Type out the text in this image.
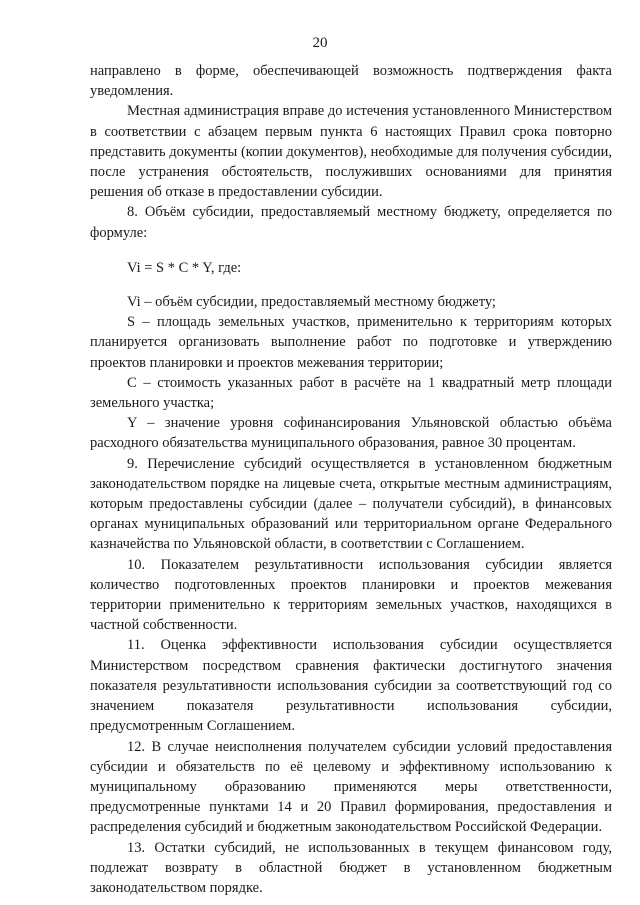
20

направлено в форме, обеспечивающей возможность подтверждения факта уведомления.

Местная администрация вправе до истечения установленного Министерством в соответствии с абзацем первым пункта 6 настоящих Правил срока повторно представить документы (копии документов), необходимые для получения субсидии, после устранения обстоятельств, послуживших основаниями для принятия решения об отказе в предоставлении субсидии.

8. Объём субсидии, предоставляемый местному бюджету, определяется по формуле:

Vi = S * C * Y, где:

Vi – объём субсидии, предоставляемый местному бюджету;

S – площадь земельных участков, применительно к территориям которых планируется организовать выполнение работ по подготовке и утверждению проектов планировки и проектов межевания территории;

C – стоимость указанных работ в расчёте на 1 квадратный метр площади земельного участка;

Y – значение уровня софинансирования Ульяновской областью объёма расходного обязательства муниципального образования, равное 30 процентам.

9. Перечисление субсидий осуществляется в установленном бюджетным законодательством порядке на лицевые счета, открытые местным администрациям, которым предоставлены субсидии (далее – получатели субсидий), в финансовых органах муниципальных образований или территориальном органе Федерального казначейства по Ульяновской области, в соответствии с Соглашением.

10. Показателем результативности использования субсидии является количество подготовленных проектов планировки и проектов межевания территории применительно к территориям земельных участков, находящихся в частной собственности.

11. Оценка эффективности использования субсидии осуществляется Министерством посредством сравнения фактически достигнутого значения показателя результативности использования субсидии за соответствующий год со значением показателя результативности использования субсидии, предусмотренным Соглашением.

12. В случае неисполнения получателем субсидии условий предоставления субсидии и обязательств по её целевому и эффективному использованию к муниципальному образованию применяются меры ответственности, предусмотренные пунктами 14 и 20 Правил формирования, предоставления и распределения субсидий и бюджетным законодательством Российской Федерации.

13. Остатки субсидий, не использованных в текущем финансовом году, подлежат возврату в областной бюджет в установленном бюджетным законодательством порядке.
